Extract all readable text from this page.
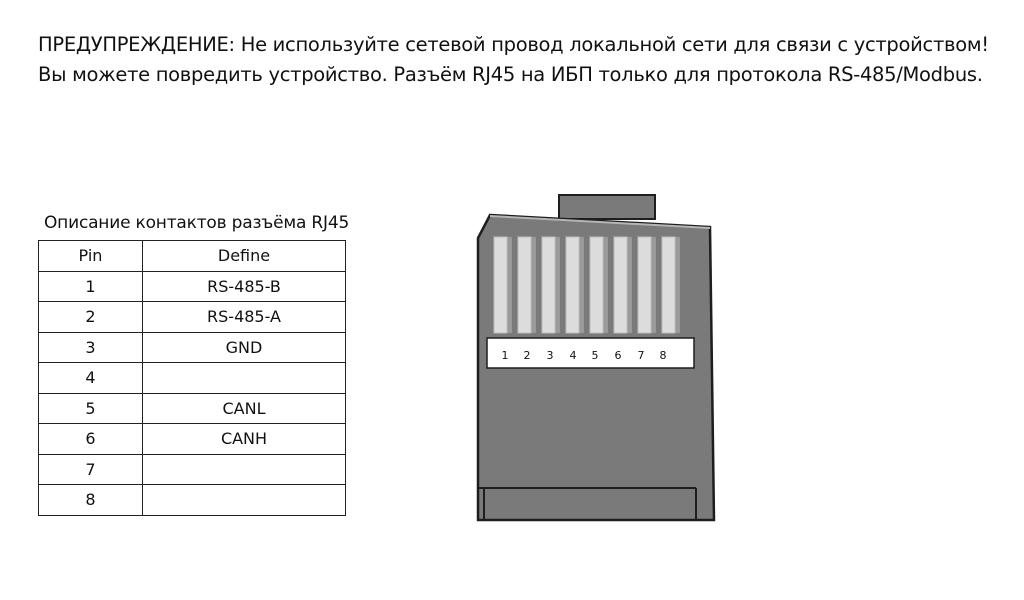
ПРЕДУПРЕЖДЕНИЕ: Не используйте сетевой провод локальной сети для связи с устройством!
Вы можете повредить устройство. Разъём RJ45 на ИБП только для протокола RS-485/Modbus.
Описание контактов разъёма RJ45
Pin	Define
1	RS-485-B
2	RS-485-A
3	GND
4	
5	CANL
6	CANH
7	
8	
1 2 3 4 5 6 7 8
